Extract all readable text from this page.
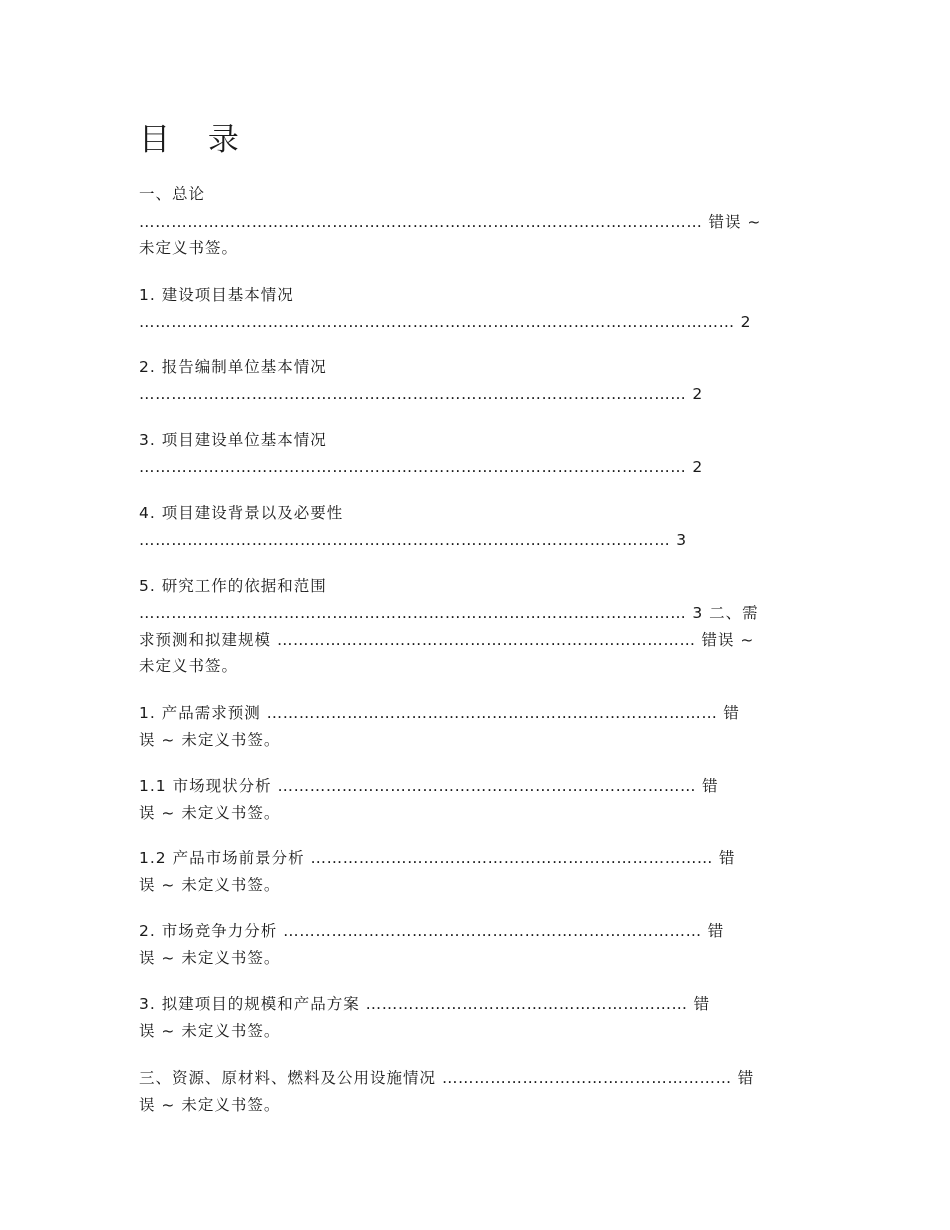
目 录
一、总论
…………………………………………………………………………………………… 错误 ~
未定义书签。
1. 建设项目基本情况
………………………………………………………………………………………………… 2
2. 报告编制单位基本情况
………………………………………………………………………………………… 2
3. 项目建设单位基本情况
………………………………………………………………………………………… 2
4. 项目建设背景以及必要性
……………………………………………………………………………………… 3
5. 研究工作的依据和范围
………………………………………………………………………………………… 3 二、需
求预测和拟建规模 …………………………………………………………………… 错误 ~
未定义书签。
1. 产品需求预测 ………………………………………………………………………… 错
误 ~ 未定义书签。
1.1 市场现状分析 …………………………………………………………………… 错
误 ~ 未定义书签。
1.2 产品市场前景分析 ………………………………………………………………… 错
误 ~ 未定义书签。
2. 市场竞争力分析 …………………………………………………………………… 错
误 ~ 未定义书签。
3. 拟建项目的规模和产品方案 …………………………………………………… 错
误 ~ 未定义书签。
三、资源、原材料、燃料及公用设施情况 ……………………………………………… 错
误 ~ 未定义书签。
